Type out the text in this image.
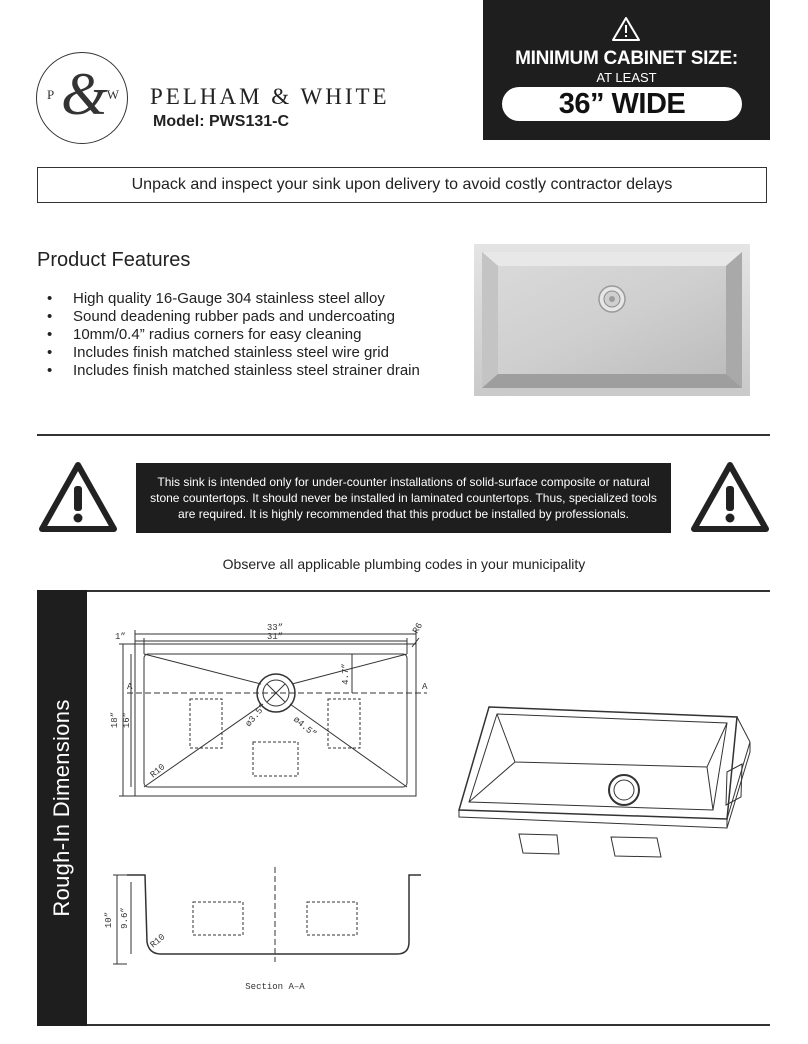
P & W PELHAM & WHITE
Model: PWS131-C
MINIMUM CABINET SIZE:
AT LEAST
36” WIDE
Unpack and inspect your sink upon delivery to avoid costly contractor delays
Product Features
• High quality 16-Gauge 304 stainless steel alloy
• Sound deadening rubber pads and undercoating
• 10mm/0.4” radius corners for easy cleaning
• Includes finish matched stainless steel wire grid
• Includes finish matched stainless steel strainer drain
This sink is intended only for under-counter installations of solid-surface composite or natural stone countertops. It should never be installed in laminated countertops. Thus, specialized tools are required. It is highly recommended that this product be installed by professionals.
Observe all applicable plumbing codes in your municipality
Rough-In Dimensions
33”
31”
1”
R6
18” 16”
4.7”
ø3.5” ø4.5”
R10
A	A
10” 9.6”
R10
Section A–A
